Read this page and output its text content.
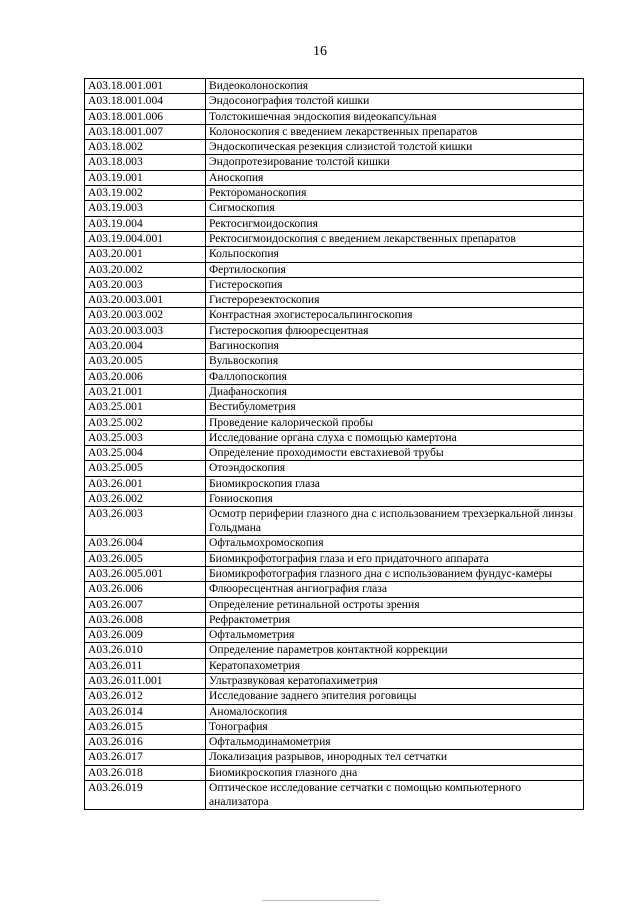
16
A03.18.001.001	Видеоколоноскопия
A03.18.001.004	Эндосонография толстой кишки
A03.18.001.006	Толстокишечная эндоскопия видеокапсульная
A03.18.001.007	Колоноскопия с введением лекарственных препаратов
A03.18.002	Эндоскопическая резекция слизистой толстой кишки
A03.18.003	Эндопротезирование толстой кишки
A03.19.001	Аноскопия
A03.19.002	Ректороманоскопия
A03.19.003	Сигмоскопия
A03.19.004	Ректосигмоидоскопия
A03.19.004.001	Ректосигмоидоскопия с введением лекарственных препаратов
A03.20.001	Кольпоскопия
A03.20.002	Фертилоскопия
A03.20.003	Гистероскопия
A03.20.003.001	Гистерорезектоскопия
A03.20.003.002	Контрастная эхогистеросальпингоскопия
A03.20.003.003	Гистероскопия флюоресцентная
A03.20.004	Вагиноскопия
A03.20.005	Вульвоскопия
A03.20.006	Фаллопоскопия
A03.21.001	Диафаноскопия
A03.25.001	Вестибулометрия
A03.25.002	Проведение калорической пробы
A03.25.003	Исследование органа слуха с помощью камертона
A03.25.004	Определение проходимости евстахиевой трубы
A03.25.005	Отоэндоскопия
A03.26.001	Биомикроскопия глаза
A03.26.002	Гониоскопия
A03.26.003	Осмотр периферии глазного дна с использованием трехзеркальной линзы Гольдмана
A03.26.004	Офтальмохромоскопия
A03.26.005	Биомикрофотография глаза и его придаточного аппарата
A03.26.005.001	Биомикрофотография глазного дна с использованием фундус-камеры
A03.26.006	Флюоресцентная ангиография глаза
A03.26.007	Определение ретинальной остроты зрения
A03.26.008	Рефрактометрия
A03.26.009	Офтальмометрия
A03.26.010	Определение параметров контактной коррекции
A03.26.011	Кератопахометрия
A03.26.011.001	Ультразвуковая кератопахиметрия
A03.26.012	Исследование заднего эпителия роговицы
A03.26.014	Аномалоскопия
A03.26.015	Тонография
A03.26.016	Офтальмодинамометрия
A03.26.017	Локализация разрывов, инородных тел сетчатки
A03.26.018	Биомикроскопия глазного дна
A03.26.019	Оптическое исследование сетчатки с помощью компьютерного анализатора
